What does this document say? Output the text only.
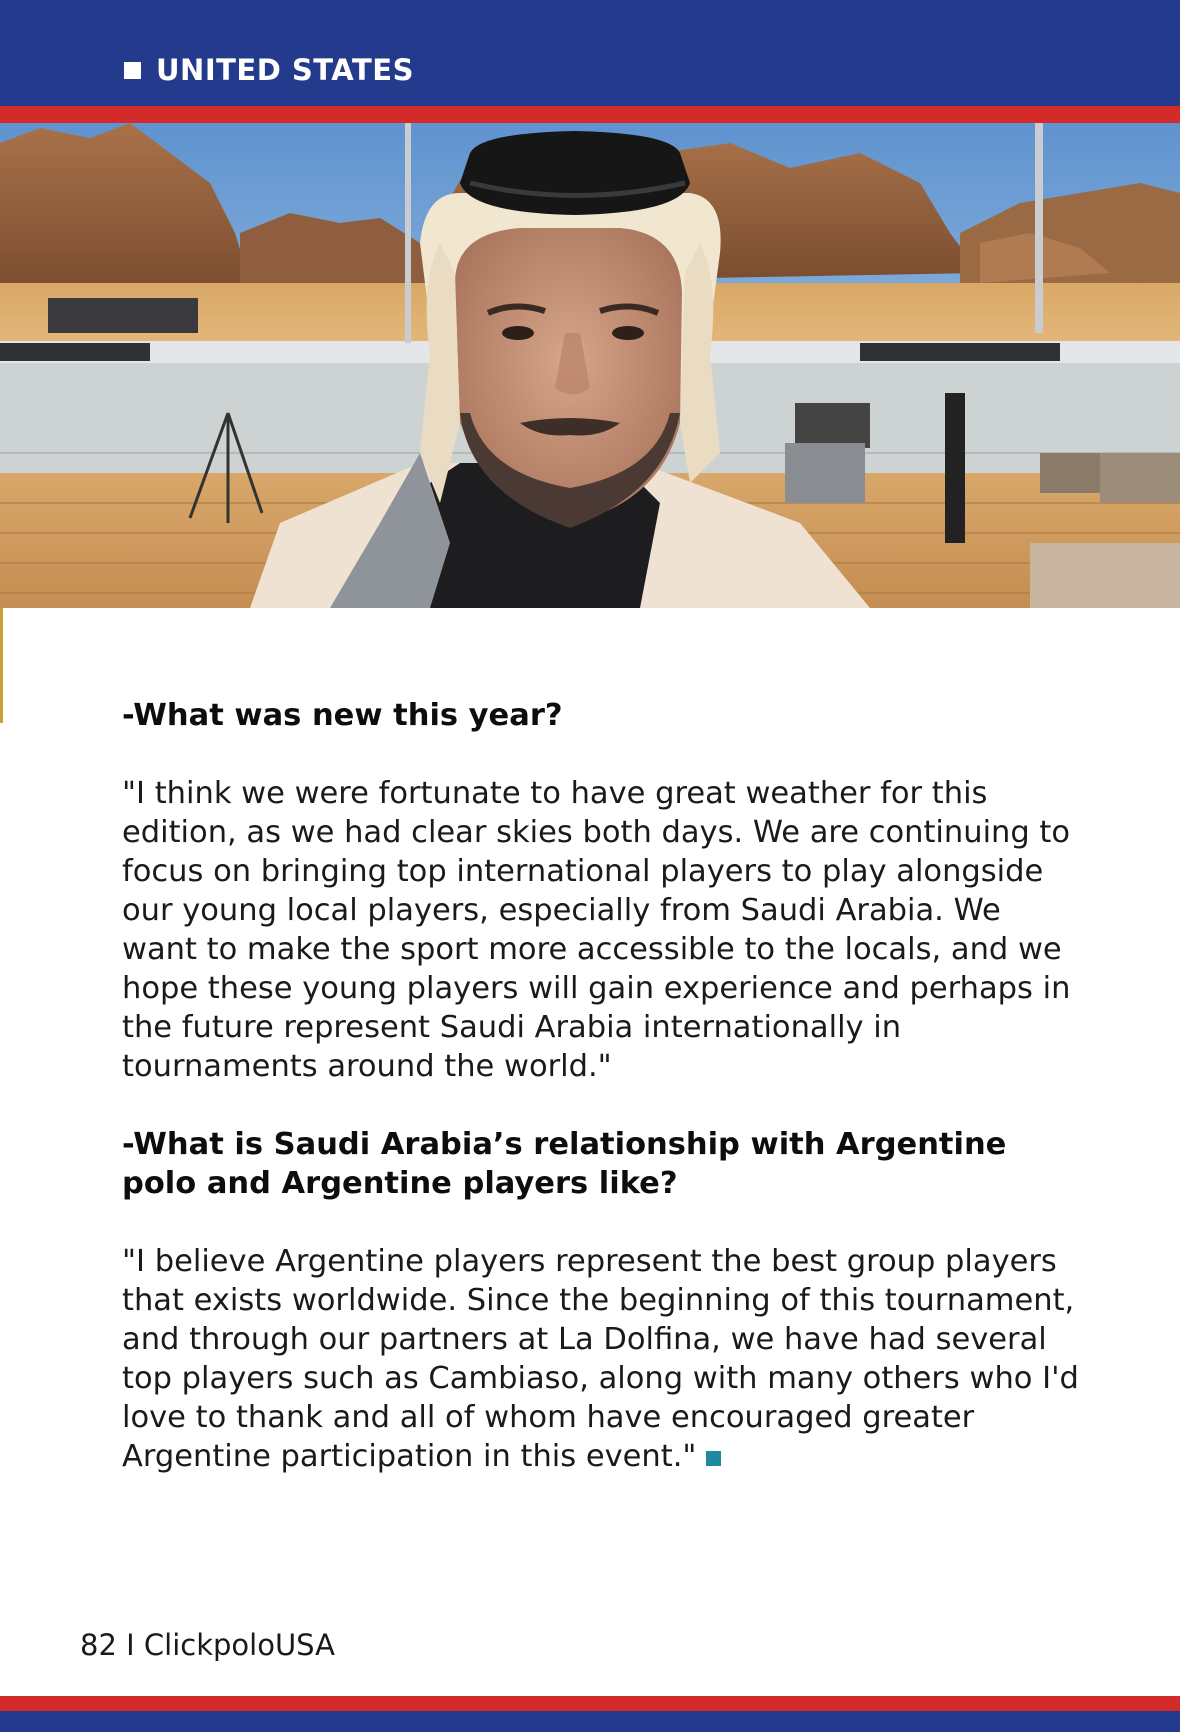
UNITED STATES

-What was new this year?

"I think we were fortunate to have great weather for this edition, as we had clear skies both days. We are continuing to focus on bringing top international players to play alongside our young local players, especially from Saudi Arabia. We want to make the sport more accessible to the locals, and we hope these young players will gain experience and perhaps in the future represent Saudi Arabia internationally in tournaments around the world."

-What is Saudi Arabia’s relationship with Argentine polo and Argentine players like?

"I believe Argentine players represent the best group players that exists worldwide. Since the beginning of this tournament, and through our partners at La Dolfina, we have had several top players such as Cambiaso, along with many others who I'd love to thank and all of whom have encouraged greater Argentine participation in this event."

82 I ClickpoloUSA
